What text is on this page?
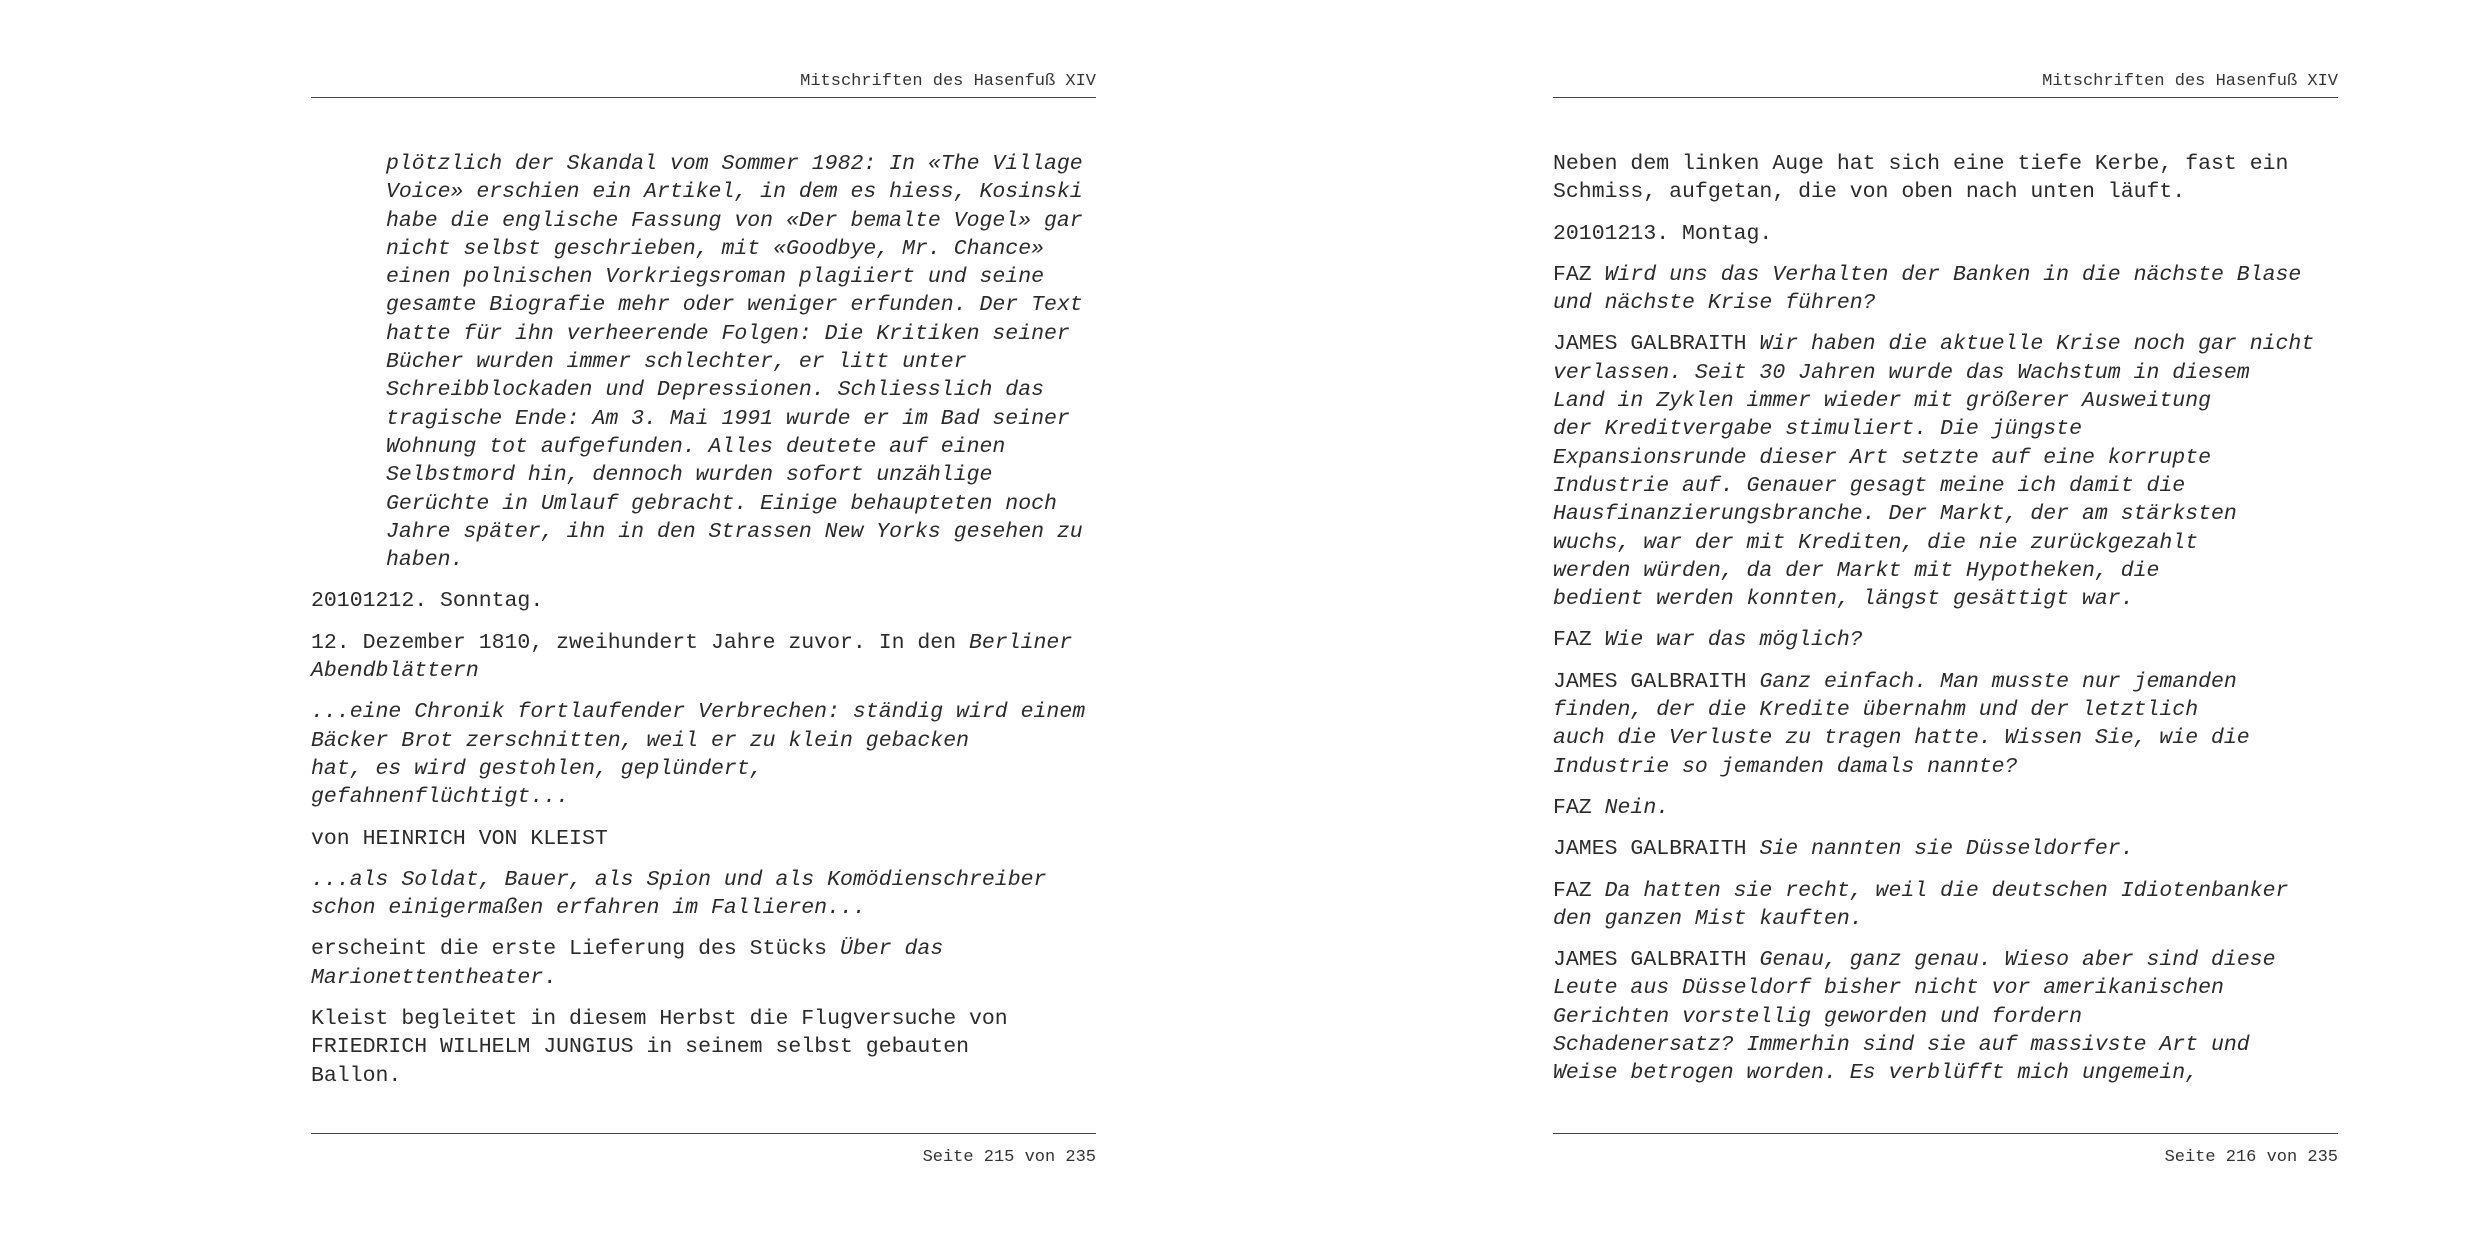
Mitschriften des Hasenfuß XIV
plötzlich der Skandal vom Sommer 1982: In «The Village
Voice» erschien ein Artikel, in dem es hiess, Kosinski
habe die englische Fassung von «Der bemalte Vogel» gar
nicht selbst geschrieben, mit «Goodbye, Mr. Chance»
einen polnischen Vorkriegsroman plagiiert und seine
gesamte Biografie mehr oder weniger erfunden. Der Text
hatte für ihn verheerende Folgen: Die Kritiken seiner
Bücher wurden immer schlechter, er litt unter
Schreibblockaden und Depressionen. Schliesslich das
tragische Ende: Am 3. Mai 1991 wurde er im Bad seiner
Wohnung tot aufgefunden. Alles deutete auf einen
Selbstmord hin, dennoch wurden sofort unzählige
Gerüchte in Umlauf gebracht. Einige behaupteten noch
Jahre später, ihn in den Strassen New Yorks gesehen zu
haben.
20101212. Sonntag.
12. Dezember 1810, zweihundert Jahre zuvor. In den Berliner
Abendblättern
...eine Chronik fortlaufender Verbrechen: ständig wird einem
Bäcker Brot zerschnitten, weil er zu klein gebacken
hat, es wird gestohlen, geplündert,
gefahnenflüchtigt...
von HEINRICH VON KLEIST
...als Soldat, Bauer, als Spion und als Komödienschreiber
schon einigermaßen erfahren im Fallieren...
erscheint die erste Lieferung des Stücks Über das
Marionettentheater.
Kleist begleitet in diesem Herbst die Flugversuche von
FRIEDRICH WILHELM JUNGIUS in seinem selbst gebauten
Ballon.
Seite 215 von 235
Mitschriften des Hasenfuß XIV
Neben dem linken Auge hat sich eine tiefe Kerbe, fast ein
Schmiss, aufgetan, die von oben nach unten läuft.
20101213. Montag.
FAZ Wird uns das Verhalten der Banken in die nächste Blase
und nächste Krise führen?
JAMES GALBRAITH Wir haben die aktuelle Krise noch gar nicht
verlassen. Seit 30 Jahren wurde das Wachstum in diesem
Land in Zyklen immer wieder mit größerer Ausweitung
der Kreditvergabe stimuliert. Die jüngste
Expansionsrunde dieser Art setzte auf eine korrupte
Industrie auf. Genauer gesagt meine ich damit die
Hausfinanzierungsbranche. Der Markt, der am stärksten
wuchs, war der mit Krediten, die nie zurückgezahlt
werden würden, da der Markt mit Hypotheken, die
bedient werden konnten, längst gesättigt war.
FAZ Wie war das möglich?
JAMES GALBRAITH Ganz einfach. Man musste nur jemanden
finden, der die Kredite übernahm und der letztlich
auch die Verluste zu tragen hatte. Wissen Sie, wie die
Industrie so jemanden damals nannte?
FAZ Nein.
JAMES GALBRAITH Sie nannten sie Düsseldorfer.
FAZ Da hatten sie recht, weil die deutschen Idiotenbanker
den ganzen Mist kauften.
JAMES GALBRAITH Genau, ganz genau. Wieso aber sind diese
Leute aus Düsseldorf bisher nicht vor amerikanischen
Gerichten vorstellig geworden und fordern
Schadenersatz? Immerhin sind sie auf massivste Art und
Weise betrogen worden. Es verblüfft mich ungemein,
Seite 216 von 235
